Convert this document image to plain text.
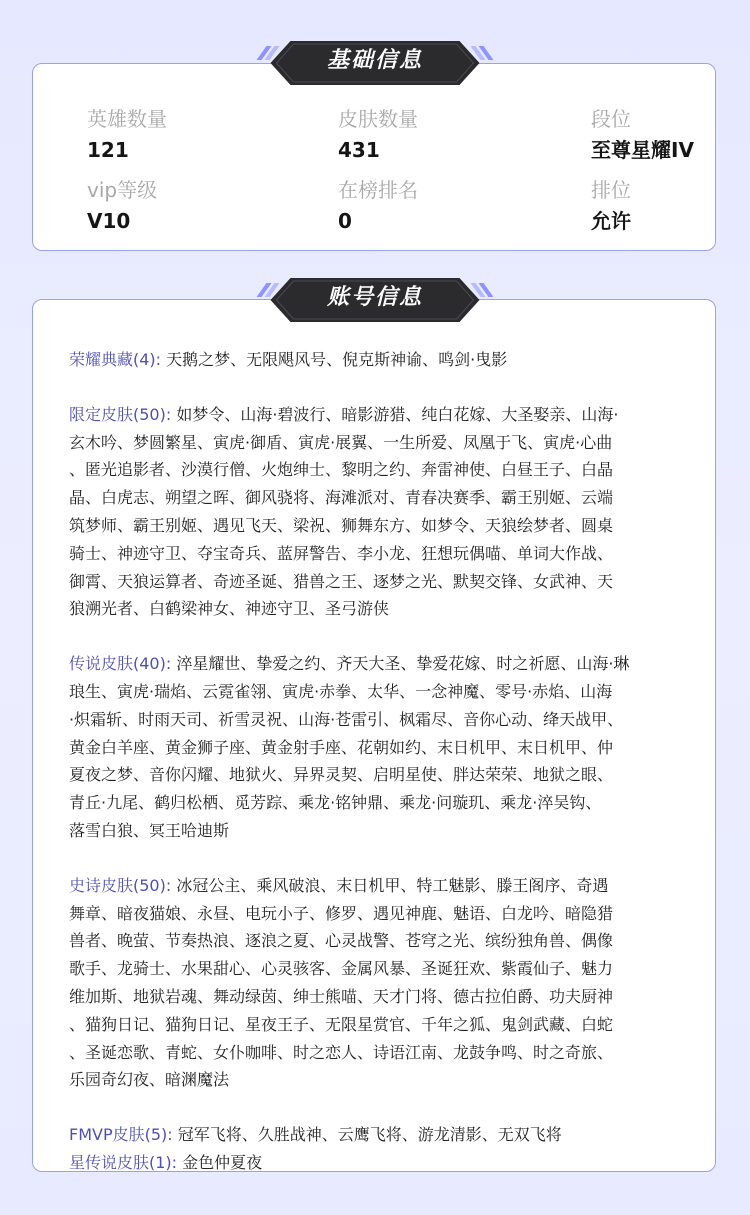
英雄数量
121
皮肤数量
431
段位
至尊星耀IV
vip等级
V10
在榜排名
0
排位
允许
基础信息
荣耀典藏(4): 天鹅之梦、无限飓风号、倪克斯神谕、鸣剑·曳影
限定皮肤(50): 如梦令、山海·碧波行、暗影游猎、纯白花嫁、大圣娶亲、山海·
玄木吟、梦圆繁星、寅虎·御盾、寅虎·展翼、一生所爱、凤凰于飞、寅虎·心曲
、匿光追影者、沙漠行僧、火炮绅士、黎明之约、奔雷神使、白昼王子、白晶
晶、白虎志、朔望之晖、御风骁将、海滩派对、青春决赛季、霸王别姬、云端
筑梦师、霸王别姬、遇见飞天、梁祝、狮舞东方、如梦令、天狼绘梦者、圆桌
骑士、神迹守卫、夺宝奇兵、蓝屏警告、李小龙、狂想玩偶喵、单词大作战、
御霄、天狼运算者、奇迹圣诞、猎兽之王、逐梦之光、默契交锋、女武神、天
狼溯光者、白鹤梁神女、神迹守卫、圣弓游侠
传说皮肤(40): 淬星耀世、挚爱之约、齐天大圣、挚爱花嫁、时之祈愿、山海·琳
琅生、寅虎·瑞焰、云霓雀翎、寅虎·赤拳、太华、一念神魔、零号·赤焰、山海
·炽霜斩、时雨天司、祈雪灵祝、山海·苍雷引、枫霜尽、音你心动、绛天战甲、
黄金白羊座、黄金狮子座、黄金射手座、花朝如约、末日机甲、末日机甲、仲
夏夜之梦、音你闪耀、地狱火、异界灵契、启明星使、胖达荣荣、地狱之眼、
青丘·九尾、鹤归松栖、觅芳踪、乘龙·铭钟鼎、乘龙·问璇玑、乘龙·淬吴钩、
落雪白狼、冥王哈迪斯
史诗皮肤(50): 冰冠公主、乘风破浪、末日机甲、特工魅影、滕王阁序、奇遇
舞章、暗夜猫娘、永昼、电玩小子、修罗、遇见神鹿、魅语、白龙吟、暗隐猎
兽者、晚萤、节奏热浪、逐浪之夏、心灵战警、苍穹之光、缤纷独角兽、偶像
歌手、龙骑士、水果甜心、心灵骇客、金属风暴、圣诞狂欢、紫霞仙子、魅力
维加斯、地狱岩魂、舞动绿茵、绅士熊喵、天才门将、德古拉伯爵、功夫厨神
、猫狗日记、猫狗日记、星夜王子、无限星赏官、千年之狐、鬼剑武藏、白蛇
、圣诞恋歌、青蛇、女仆咖啡、时之恋人、诗语江南、龙鼓争鸣、时之奇旅、
乐园奇幻夜、暗渊魔法
FMVP皮肤(5): 冠军飞将、久胜战神、云鹰飞将、游龙清影、无双飞将
星传说皮肤(1): 金色仲夏夜
账号信息
